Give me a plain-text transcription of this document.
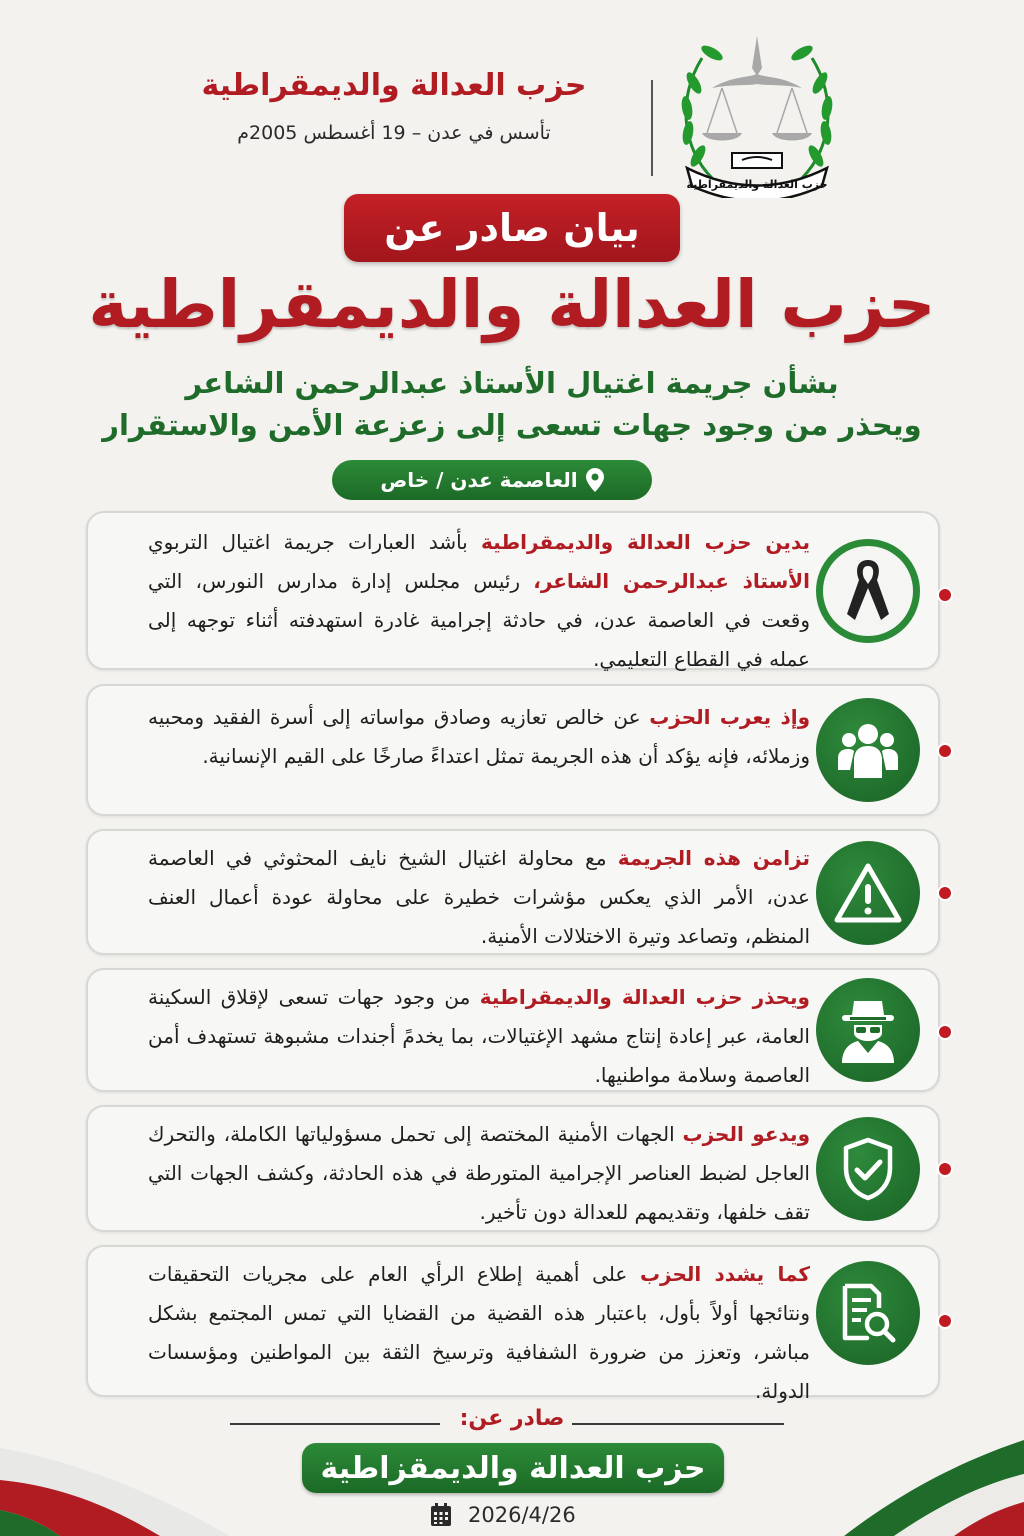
حزب العدالة والديمقراطية
حزب العدالة والديمقراطية
تأسس في عدن – 19 أغسطس 2005م
بيان صادر عن
حزب العدالة والديمقراطية
بشأن جريمة اغتيال الأستاذ عبدالرحمن الشاعر
ويحذر من وجود جهات تسعى إلى زعزعة الأمن والاستقرار
العاصمة عدن / خاص
يدين حزب العدالة والديمقراطية بأشد العبارات جريمة اغتيال التربوي الأستاذ عبدالرحمن الشاعر، رئيس مجلس إدارة مدارس النورس، التي وقعت في العاصمة عدن، في حادثة إجرامية غادرة استهدفته أثناء توجهه إلى عمله في القطاع التعليمي.
وإذ يعرب الحزب عن خالص تعازيه وصادق مواساته إلى أسرة الفقيد ومحبيه وزملائه، فإنه يؤكد أن هذه الجريمة تمثل اعتداءً صارخًا على القيم الإنسانية.
تزامن هذه الجريمة مع محاولة اغتيال الشيخ نايف المحثوثي في العاصمة عدن، الأمر الذي يعكس مؤشرات خطيرة على محاولة عودة أعمال العنف المنظم، وتصاعد وتيرة الاختلالات الأمنية.
ويحذر حزب العدالة والديمقراطية من وجود جهات تسعى لإقلاق السكينة العامة، عبر إعادة إنتاج مشهد الإغتيالات، بما يخدمً أجندات مشبوهة تستهدف أمن العاصمة وسلامة مواطنيها.
ويدعو الحزب الجهات الأمنية المختصة إلى تحمل مسؤولياتها الكاملة، والتحرك العاجل لضبط العناصر الإجرامية المتورطة في هذه الحادثة، وكشف الجهات التي تقف خلفها، وتقديمهم للعدالة دون تأخير.
كما يشدد الحزب على أهمية إطلاع الرأي العام على مجريات التحقيقات ونتائجها أولاً بأول، باعتبار هذه القضية من القضايا التي تمس المجتمع بشكل مباشر، وتعزز من ضرورة الشفافية وترسيخ الثقة بين المواطنين ومؤسسات الدولة.
صادر عن:
حزب العدالة والديمقزاطية
2026/4/26
